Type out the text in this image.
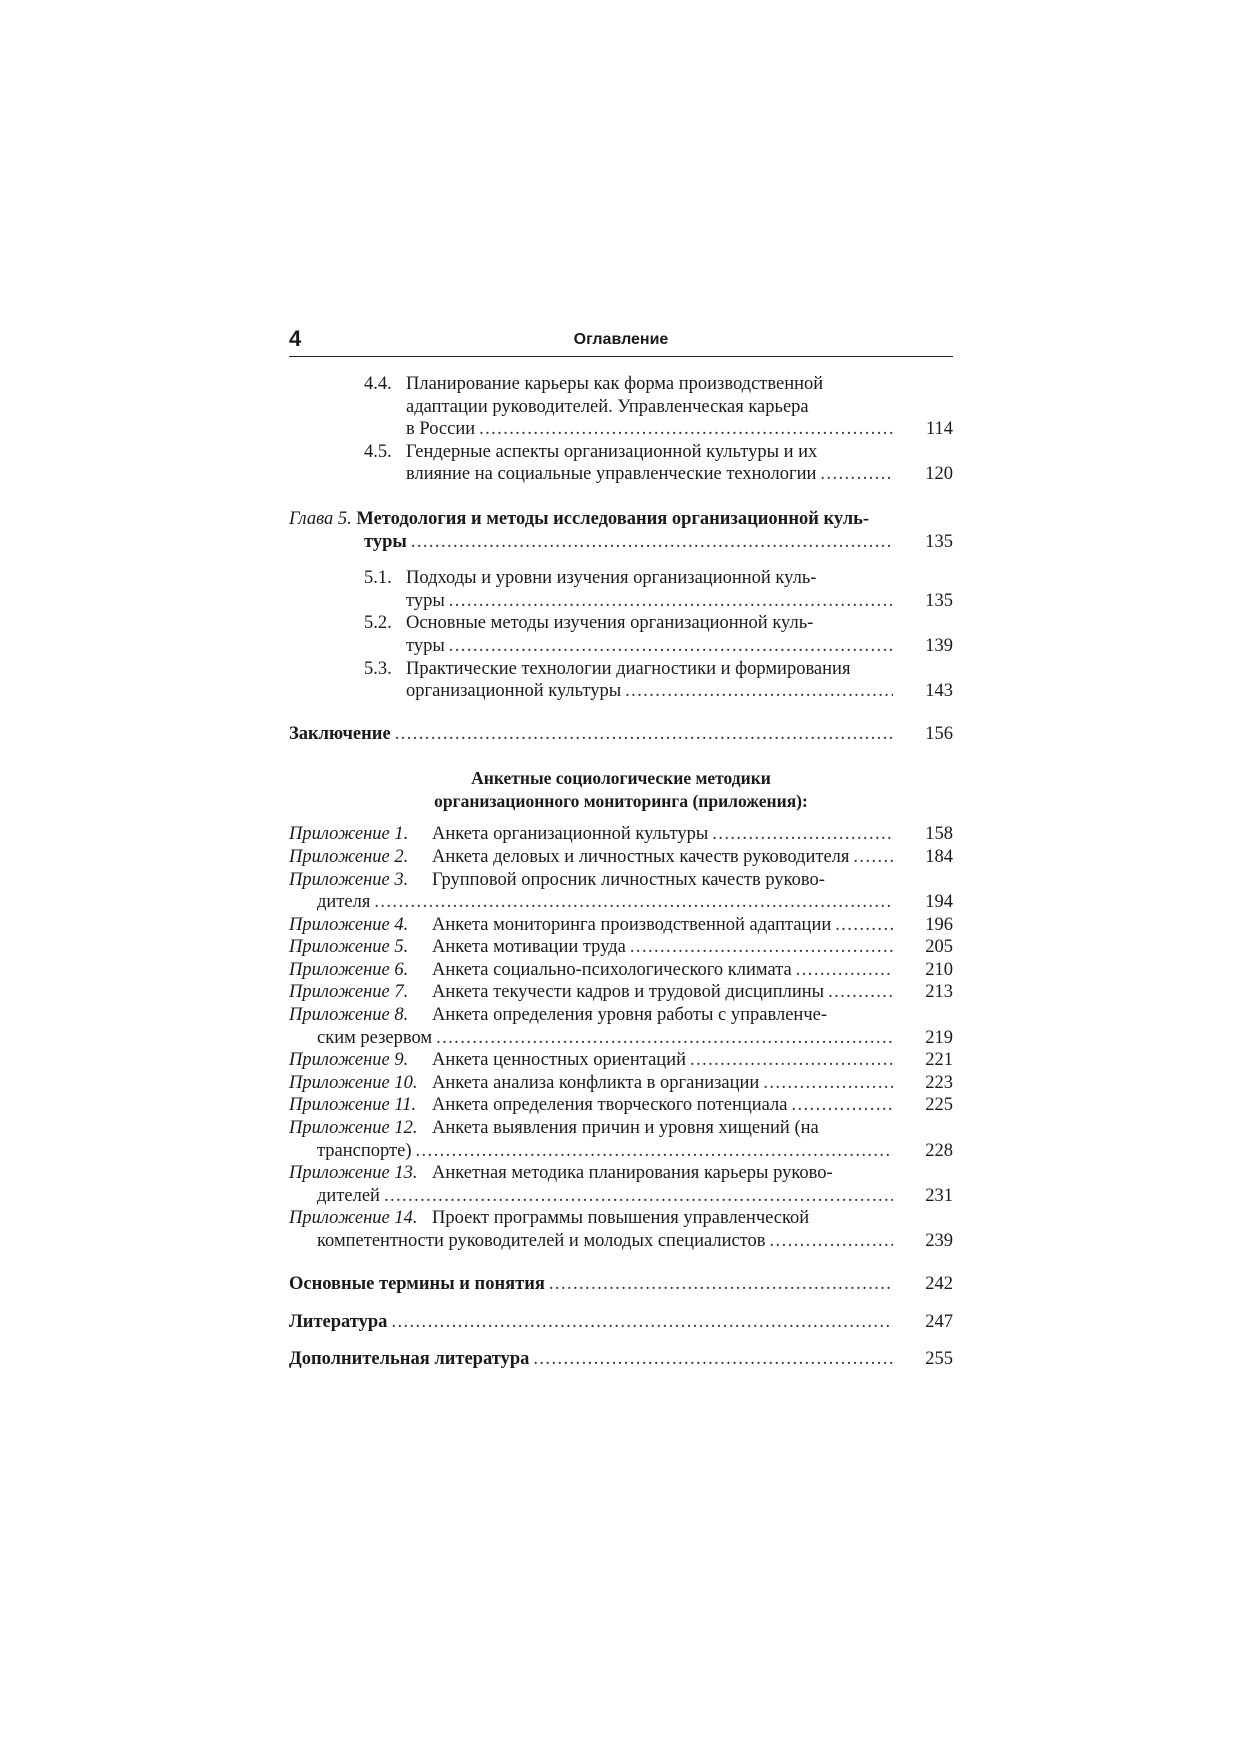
4	Оглавление
4.4. Планирование карьеры как форма производственной
адаптации руководителей. Управленческая карьера
в России .....	114
4.5. Гендерные аспекты организационной культуры и их
влияние на социальные управленческие технологии .....	120
Глава 5. Методология и методы исследования организационной куль-
туры .....	135
5.1. Подходы и уровни изучения организационной куль-
туры .....	135
5.2. Основные методы изучения организационной куль-
туры .....	139
5.3. Практические технологии диагностики и формирования
организационной культуры .....	143
Заключение .....	156
Анкетные социологические методики
организационного мониторинга (приложения):
Приложение 1.	Анкета организационной культуры .....	158
Приложение 2.	Анкета деловых и личностных качеств руководителя .....	184
Приложение 3. Групповой опросник личностных качеств руково-
дителя .....	194
Приложение 4.	Анкета мониторинга производственной адаптации .....	196
Приложение 5.	Анкета мотивации труда .....	205
Приложение 6.	Анкета социально-психологического климата .....	210
Приложение 7.	Анкета текучести кадров и трудовой дисциплины .....	213
Приложение 8. Анкета определения уровня работы с управленче-
ским резервом .....	219
Приложение 9.	Анкета ценностных ориентаций .....	221
Приложение 10. Анкета анализа конфликта в организации .....	223
Приложение 11. Анкета определения творческого потенциала .....	225
Приложение 12. Анкета выявления причин и уровня хищений (на
транспорте) .....	228
Приложение 13. Анкетная методика планирования карьеры руково-
дителей .....	231
Приложение 14. Проект программы повышения управленческой
компетентности руководителей и молодых специалистов .....	239
Основные термины и понятия .....	242
Литература .....	247
Дополнительная литература .....	255
